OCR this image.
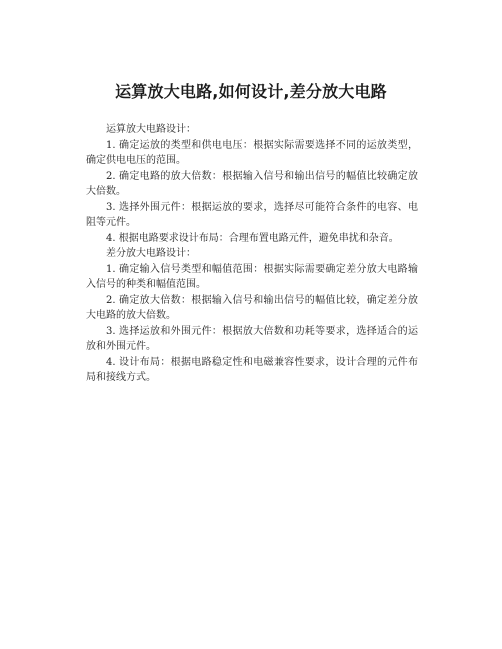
运算放大电路,如何设计,差分放大电路

运算放大电路设计：

1. 确定运放的类型和供电电压：根据实际需要选择不同的运放类型，确定供电电压的范围。

2. 确定电路的放大倍数：根据输入信号和输出信号的幅值比较确定放大倍数。

3. 选择外围元件：根据运放的要求，选择尽可能符合条件的电容、电阻等元件。

4. 根据电路要求设计布局：合理布置电路元件，避免串扰和杂音。

差分放大电路设计：

1. 确定输入信号类型和幅值范围：根据实际需要确定差分放大电路输入信号的种类和幅值范围。

2. 确定放大倍数：根据输入信号和输出信号的幅值比较，确定差分放大电路的放大倍数。

3. 选择运放和外围元件：根据放大倍数和功耗等要求，选择适合的运放和外围元件。

4. 设计布局：根据电路稳定性和电磁兼容性要求，设计合理的元件布局和接线方式。
